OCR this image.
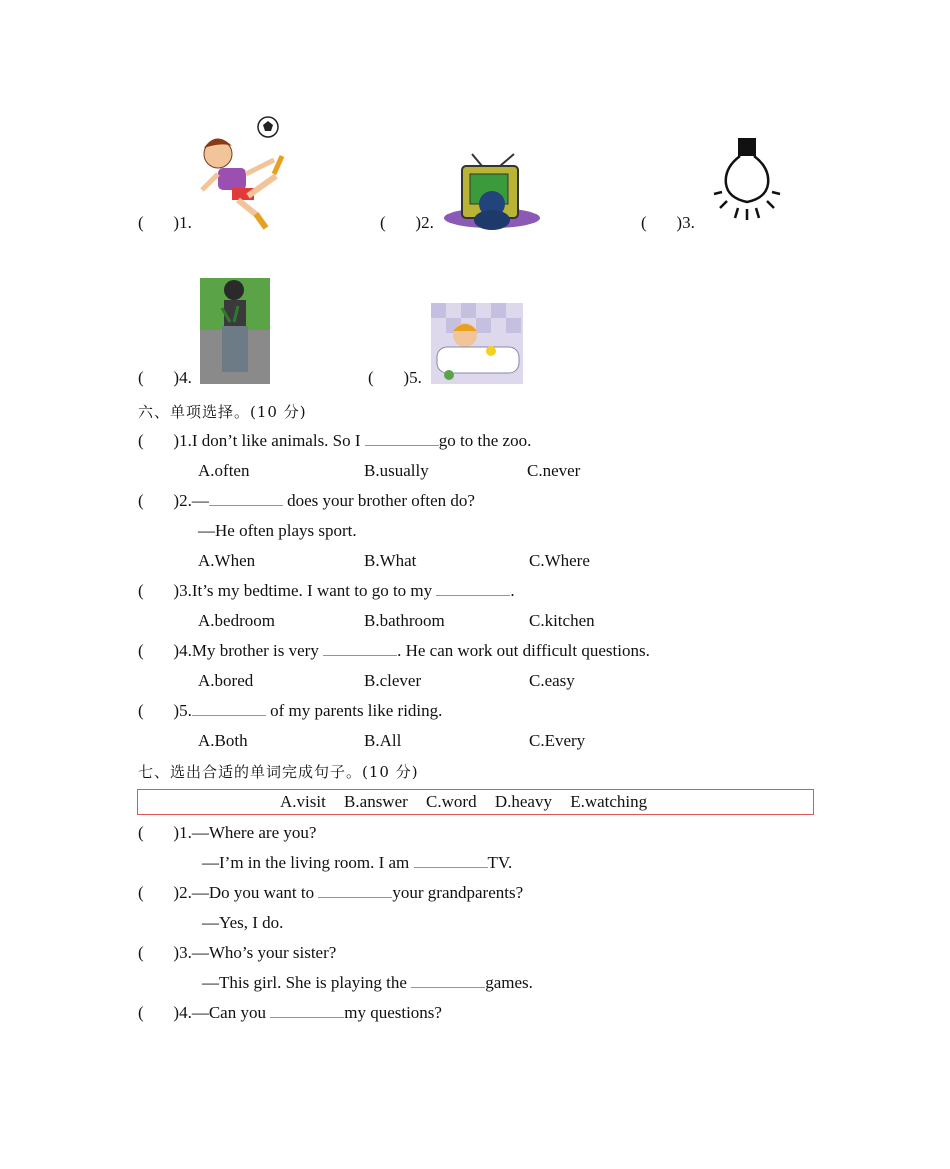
(       )1.	(       )2.	(       )3.
(       )4.	(       )5.
六、单项选择。(10 分)
(       )1.I don’t like animals. So I	go to the zoo.
A.often	B.usually	C.never
(       )2.—	does your brother often do?
—He often plays sport.
A.When	B.What	C.Where
(       )3.It’s my bedtime. I want to go to my	.
A.bedroom	B.bathroom	C.kitchen
(       )4.My brother is very	. He can work out difficult questions.
A.bored	B.clever	C.easy
(       )5.	of my parents like riding.
A.Both	B.All	C.Every
七、选出合适的单词完成句子。(10 分)
A.visit B.answer C.word D.heavy E.watching
(       )1.—Where are you?
—I’m in the living room. I am	TV.
(       )2.—Do you want to	your grandparents?
—Yes, I do.
(       )3.—Who’s your sister?
—This girl. She is playing the	games.
(       )4.—Can you	my questions?
